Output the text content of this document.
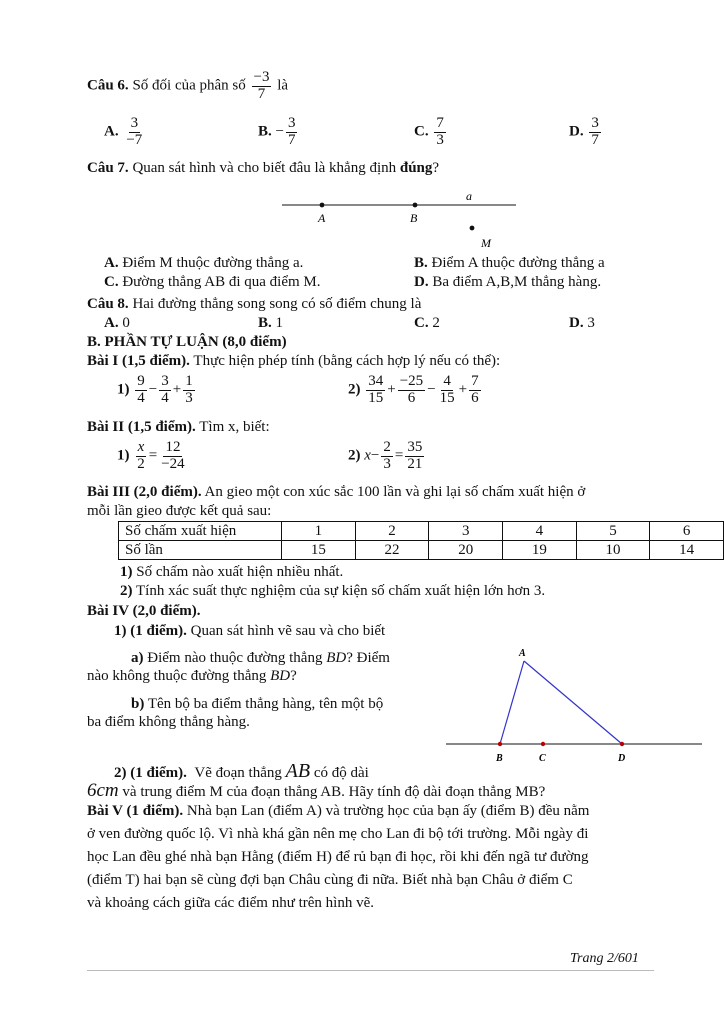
Câu 6. Số đối của phân số $\frac{-3}{7}$ là
A. $\frac{3}{-7}$	B. − $\frac{3}{7}$	C. $\frac{7}{3}$	D. $\frac{3}{7}$
Câu 7. Quan sát hình và cho biết đâu là khẳng định đúng?
a
A	B
M
A. Điểm M thuộc đường thẳng a.	B. Điểm A thuộc đường thẳng a
C. Đường thẳng AB đi qua điểm M.	D. Ba điểm A,B,M thẳng hàng.
Câu 8. Hai đường thẳng song song có số điểm chung là
A. 0	B. 1	C. 2	D. 3
B. PHẦN TỰ LUẬN (8,0 điểm)
Bài I (1,5 điểm). Thực hiện phép tính (bằng cách hợp lý nếu có thể):
$1) \frac{9}{4} - \frac{3}{4} + \frac{1}{3}$	$2) \frac{34}{15} + \frac{-25}{6} - \frac{4}{15} + \frac{7}{6}$
Bài II (1,5 điểm). Tìm x, biết:
$1) \frac{x}{2} = \frac{12}{-24}$	2) $x- \frac{2}{3} = \frac{35}{21}$
Bài III (2,0 điểm). An gieo một con xúc sắc 100 lần và ghi lại số chấm xuất hiện ở
mỗi lần gieo được kết quả sau:
Số chấm xuất hiện	1	2	3	4	5	6
Số lần	15	22	20	19	10	14
1) Số chấm nào xuất hiện nhiều nhất.
2) Tính xác suất thực nghiệm của sự kiện số chấm xuất hiện lớn hơn 3.
Bài IV (2,0 điểm).
1) (1 điểm). Quan sát hình vẽ sau và cho biết
a) Điểm nào thuộc đường thẳng BD? Điểm
nào không thuộc đường thẳng BD?
b) Tên bộ ba điểm thẳng hàng, tên một bộ
ba điểm không thẳng hàng.
A
B	C	D
2) (1 điểm). Vẽ đoạn thẳng AB có độ dài
6cm và trung điểm M của đoạn thẳng AB. Hãy tính độ dài đoạn thẳng MB?
Bài V (1 điểm). Nhà bạn Lan (điểm A) và trường học của bạn ấy (điểm B) đều nằm
ở ven đường quốc lộ. Vì nhà khá gần nên mẹ cho Lan đi bộ tới trường. Mỗi ngày đi
học Lan đều ghé nhà bạn Hằng (điểm H) để rủ bạn đi học, rồi khi đến ngã tư đường
(điểm T) hai bạn sẽ cùng đợi bạn Châu cùng đi nữa. Biết nhà bạn Châu ở điểm C
và khoảng cách giữa các điểm như trên hình vẽ.
Trang 2/601
